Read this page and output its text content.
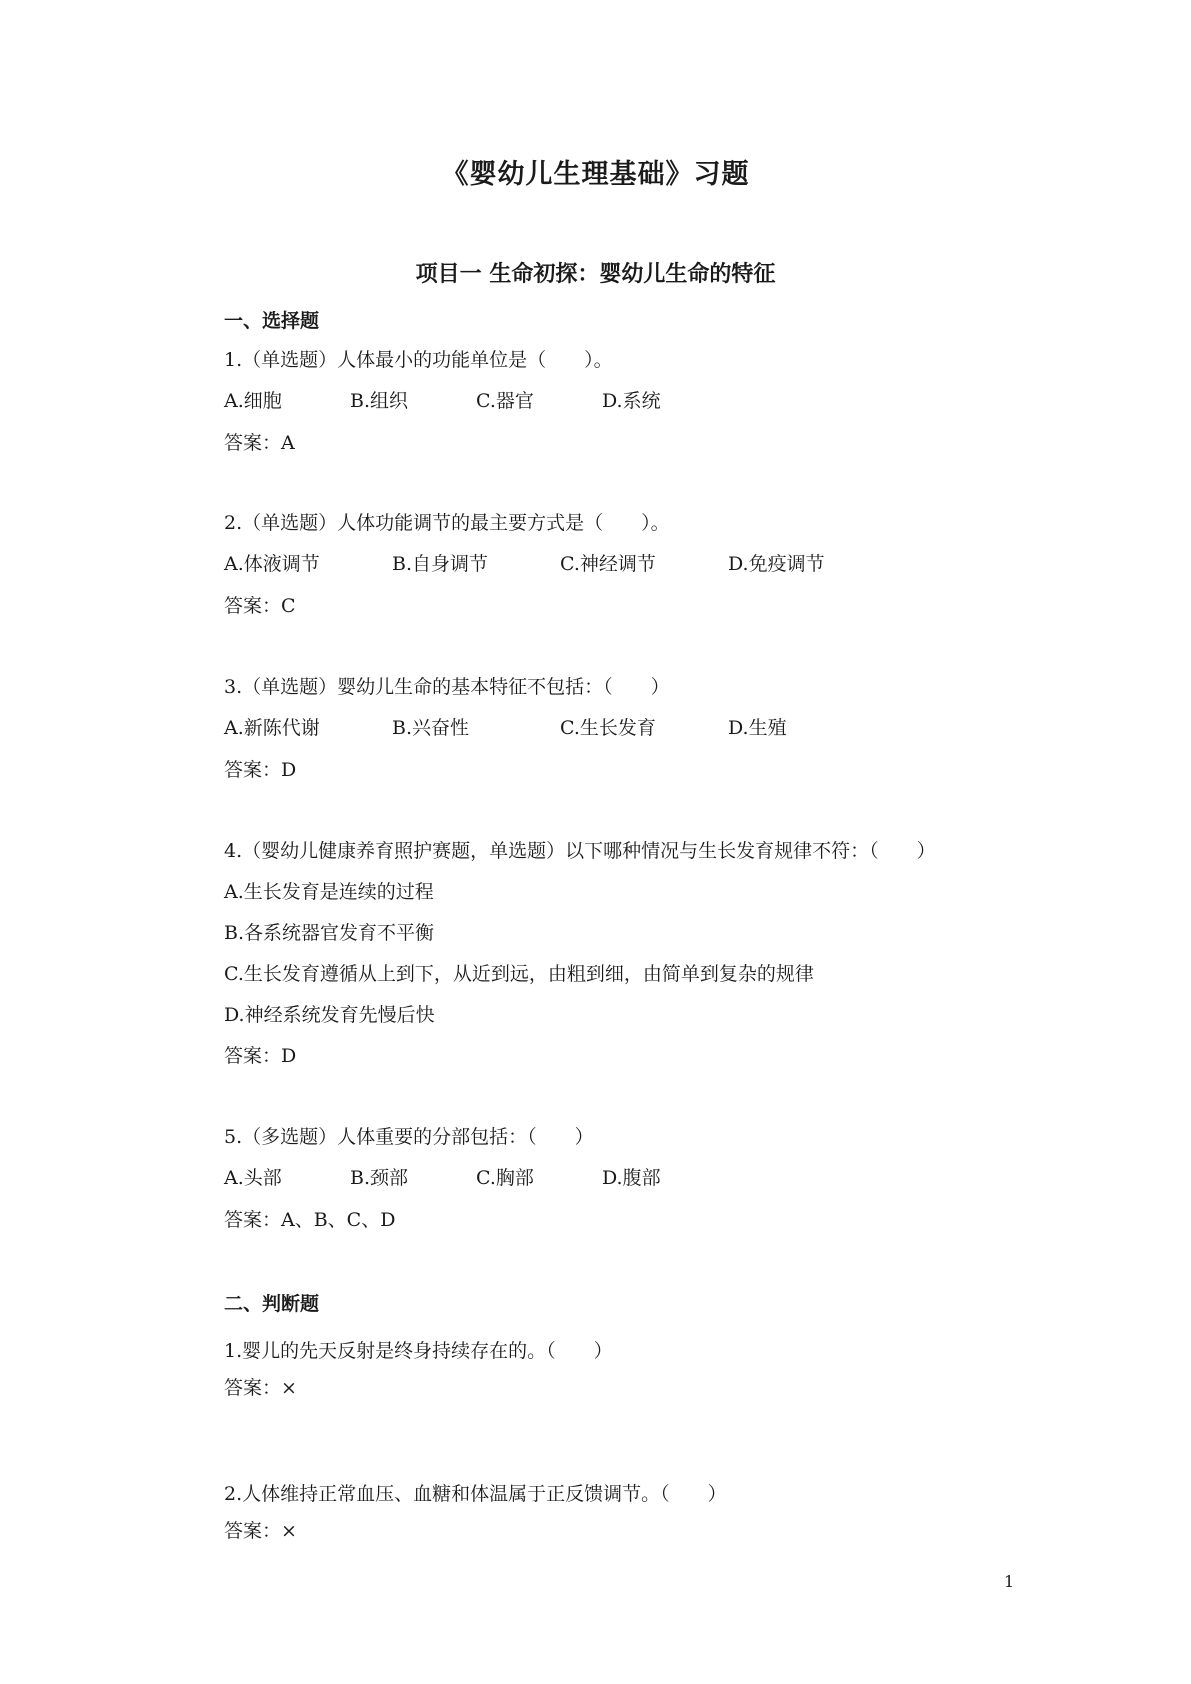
《婴幼儿生理基础》习题
项目一 生命初探：婴幼儿生命的特征
一、选择题
1.（单选题）人体最小的功能单位是（　　）。
A.细胞	B.组织	C.器官	D.系统
答案：A
2.（单选题）人体功能调节的最主要方式是（　　）。
A.体液调节	B.自身调节	C.神经调节	D.免疫调节
答案：C
3.（单选题）婴幼儿生命的基本特征不包括：（　　）
A.新陈代谢	B.兴奋性	C.生长发育	D.生殖
答案：D
4.（婴幼儿健康养育照护赛题，单选题）以下哪种情况与生长发育规律不符：（　　）
A.生长发育是连续的过程
B.各系统器官发育不平衡
C.生长发育遵循从上到下，从近到远，由粗到细，由简单到复杂的规律
D.神经系统发育先慢后快
答案：D
5.（多选题）人体重要的分部包括：（　　）
A.头部	B.颈部	C.胸部	D.腹部
答案：A、B、C、D
二、判断题
1.婴儿的先天反射是终身持续存在的。（　　）
答案：×
2.人体维持正常血压、血糖和体温属于正反馈调节。（　　）
答案：×
1
